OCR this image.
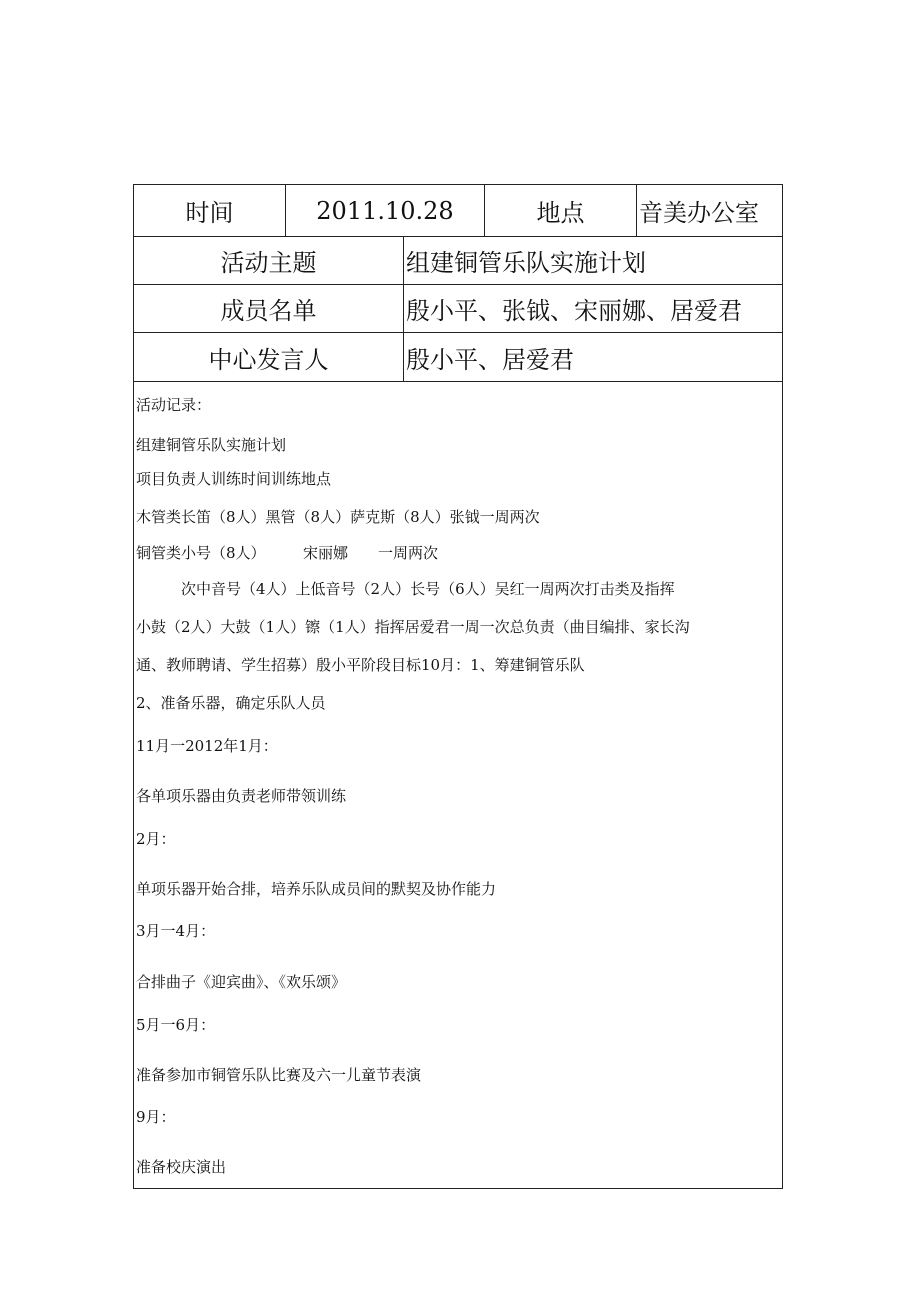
时间	2011.10.28	地点	音美办公室
活动主题	组建铜管乐队实施计划
成员名单	殷小平、张钺、宋丽娜、居爱君
中心发言人	殷小平、居爱君
活动记录：
组建铜管乐队实施计划
项目负责人训练时间训练地点
木管类长笛（8人）黑管（8人）萨克斯（8人）张钺一周两次
铜管类小号（8人）　　　宋丽娜　　一周两次
　　　次中音号（4人）上低音号（2人）长号（6人）吴红一周两次打击类及指挥
小鼓（2人）大鼓（1人）镲（1人）指挥居爱君一周一次总负责（曲目编排、家长沟
通、教师聘请、学生招募）殷小平阶段目标10月：1、筹建铜管乐队
2、准备乐器，确定乐队人员
11月一2012年1月：
各单项乐器由负责老师带领训练
2月：
单项乐器开始合排，培养乐队成员间的默契及协作能力
3月一4月：
合排曲子《迎宾曲》、《欢乐颂》
5月一6月：
准备参加市铜管乐队比赛及六一儿童节表演
9月：
准备校庆演出
